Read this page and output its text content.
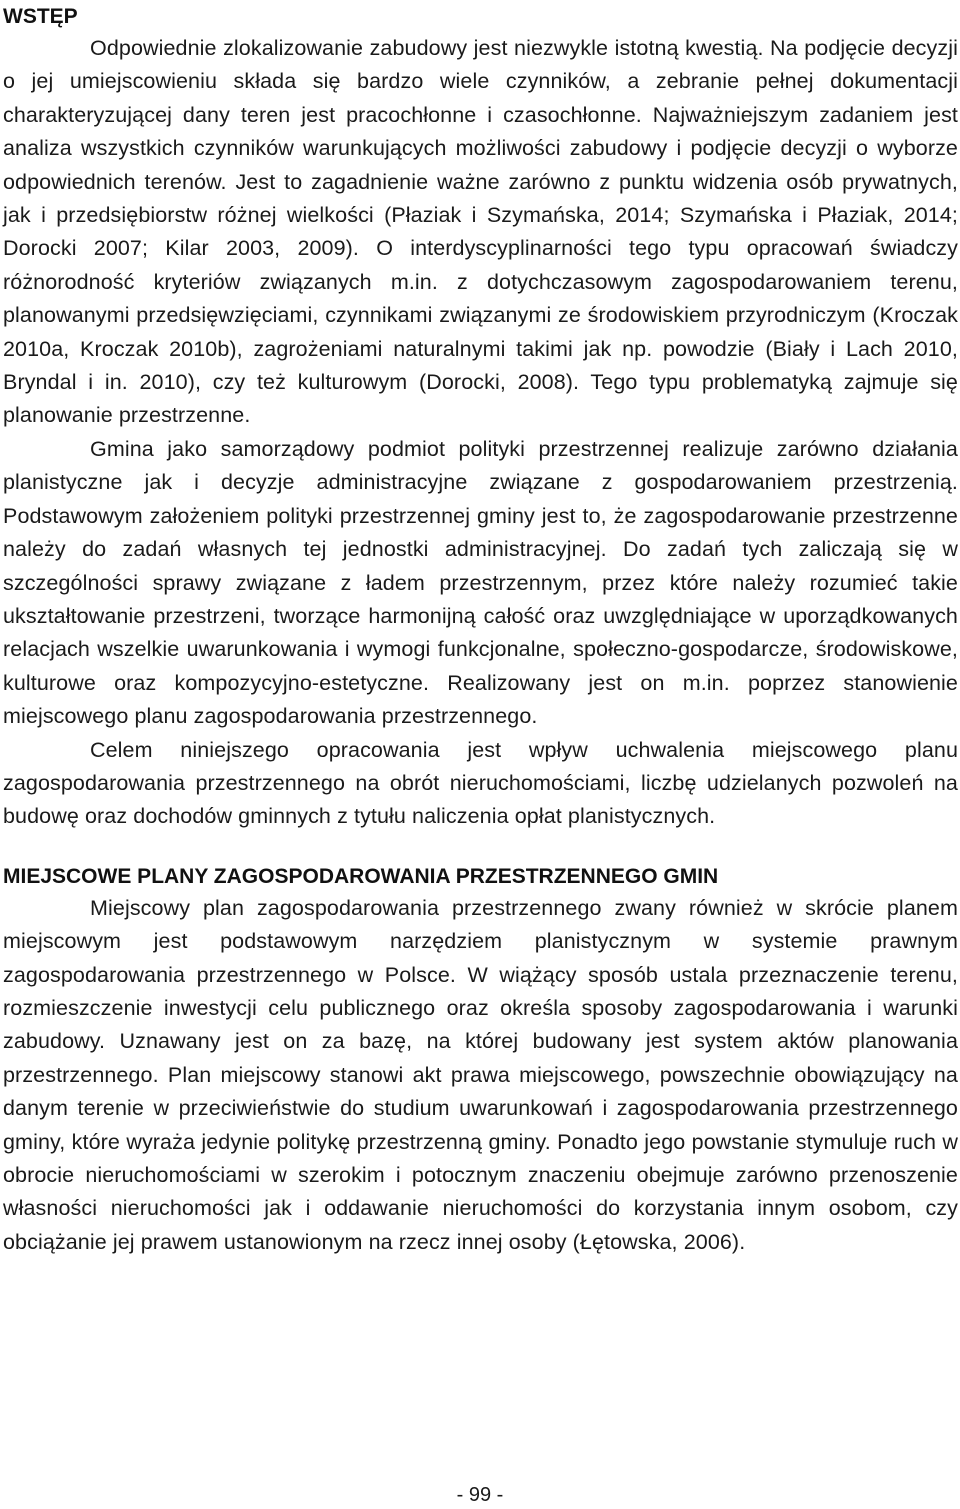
WSTĘP

Odpowiednie zlokalizowanie zabudowy jest niezwykle istotną kwestią. Na podjęcie decyzji o jej umiejscowieniu składa się bardzo wiele czynników, a zebranie pełnej dokumentacji charakteryzującej dany teren jest pracochłonne i czasochłonne. Najważniejszym zadaniem jest analiza wszystkich czynników warunkujących możliwości zabudowy i podjęcie decyzji o wyborze odpowiednich terenów. Jest to zagadnienie ważne zarówno z punktu widzenia osób prywatnych, jak i przedsiębiorstw różnej wielkości (Płaziak i Szymańska, 2014; Szymańska i Płaziak, 2014; Dorocki 2007; Kilar 2003, 2009). O interdyscyplinarności tego typu opracowań świadczy różnorodność kryteriów związanych m.in. z dotychczasowym zagospodarowaniem terenu, planowanymi przedsięwzięciami, czynnikami związanymi ze środowiskiem przyrodniczym (Kroczak 2010a, Kroczak 2010b), zagrożeniami naturalnymi takimi jak np. powodzie (Biały i Lach 2010, Bryndal i in. 2010), czy też kulturowym (Dorocki, 2008). Tego typu problematyką zajmuje się planowanie przestrzenne.

Gmina jako samorządowy podmiot polityki przestrzennej realizuje zarówno działania planistyczne jak i decyzje administracyjne związane z gospodarowaniem przestrzenią. Podstawowym założeniem polityki przestrzennej gminy jest to, że zagospodarowanie przestrzenne należy do zadań własnych tej jednostki administracyjnej. Do zadań tych zaliczają się w szczególności sprawy związane z ładem przestrzennym, przez które należy rozumieć takie ukształtowanie przestrzeni, tworzące harmonijną całość oraz uwzględniające w uporządkowanych relacjach wszelkie uwarunkowania i wymogi funkcjonalne, społeczno-gospodarcze, środowiskowe, kulturowe oraz kompozycyjno-estetyczne. Realizowany jest on m.in. poprzez stanowienie miejscowego planu zagospodarowania przestrzennego.

Celem niniejszego opracowania jest wpływ uchwalenia miejscowego planu zagospodarowania przestrzennego na obrót nieruchomościami, liczbę udzielanych pozwoleń na budowę oraz dochodów gminnych z tytułu naliczenia opłat planistycznych.

MIEJSCOWE PLANY ZAGOSPODAROWANIA PRZESTRZENNEGO GMIN

Miejscowy plan zagospodarowania przestrzennego zwany również w skrócie planem miejscowym jest podstawowym narzędziem planistycznym w systemie prawnym zagospodarowania przestrzennego w Polsce. W wiążący sposób ustala przeznaczenie terenu, rozmieszczenie inwestycji celu publicznego oraz określa sposoby zagospodarowania i warunki zabudowy. Uznawany jest on za bazę, na której budowany jest system aktów planowania przestrzennego. Plan miejscowy stanowi akt prawa miejscowego, powszechnie obowiązujący na danym terenie w przeciwieństwie do studium uwarunkowań i zagospodarowania przestrzennego gminy, które wyraża jedynie politykę przestrzenną gminy. Ponadto jego powstanie stymuluje ruch w obrocie nieruchomościami w szerokim i potocznym znaczeniu obejmuje zarówno przenoszenie własności nieruchomości jak i oddawanie nieruchomości do korzystania innym osobom, czy obciążanie jej prawem ustanowionym na rzecz innej osoby (Łętowska, 2006).

- 99 -
